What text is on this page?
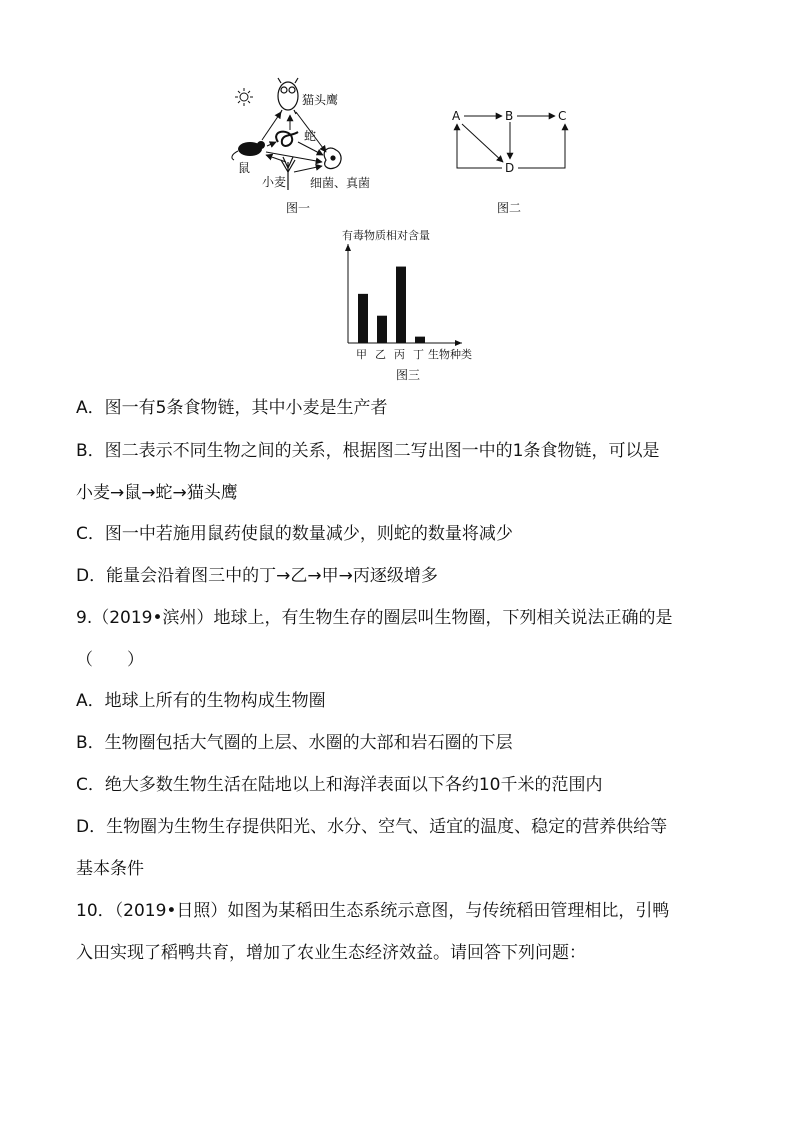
猫头鹰
蛇
鼠
小麦 细菌、真菌
图一
A	B	C
D
图二
有毒物质相对含量
甲 乙 丙 丁 生物种类
图三
A．图一有5条食物链，其中小麦是生产者
B．图二表示不同生物之间的关系，根据图二写出图一中的1条食物链，可以是
小麦→鼠→蛇→猫头鹰
C．图一中若施用鼠药使鼠的数量减少，则蛇的数量将减少
D．能量会沿着图三中的丁→乙→甲→丙逐级增多
9.（2019•滨州）地球上，有生物生存的圈层叫生物圈，下列相关说法正确的是
（　　）
A．地球上所有的生物构成生物圈
B．生物圈包括大气圈的上层、水圈的大部和岩石圈的下层
C．绝大多数生物生活在陆地以上和海洋表面以下各约10千米的范围内
D．生物圈为生物生存提供阳光、水分、空气、适宜的温度、稳定的营养供给等
基本条件
10．（2019•日照）如图为某稻田生态系统示意图，与传统稻田管理相比，引鸭
入田实现了稻鸭共育，增加了农业生态经济效益。请回答下列问题：
